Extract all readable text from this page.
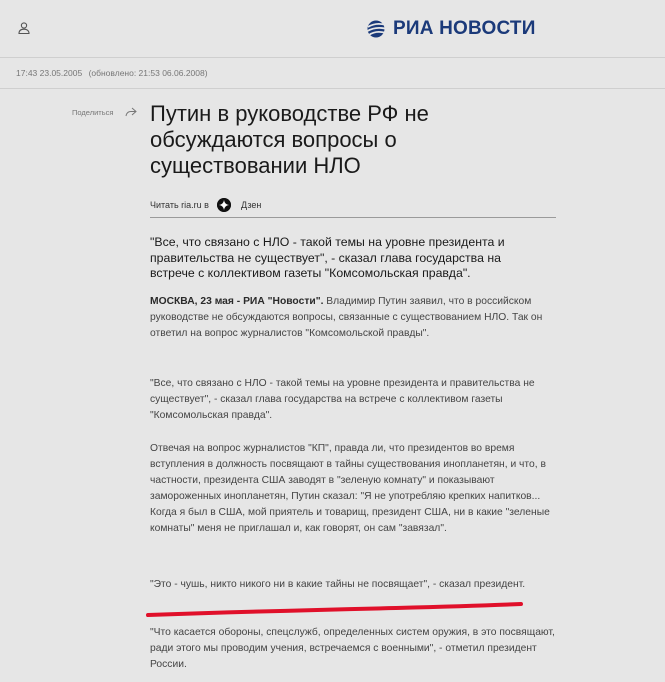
РИА НОВОСТИ
17:43 23.05.2005 (обновлено: 21:53 06.06.2008)
Поделиться Путин в руководстве РФ не обсуждаются вопросы о существовании НЛО
Читать ria.ru в	Дзен

"Все, что связано с НЛО - такой темы на уровне президента и правительства не существует", - сказал глава государства на встрече с коллективом газеты "Комсомольская правда".

МОСКВА, 23 мая - РИА "Новости". Владимир Путин заявил, что в российском руководстве не обсуждаются вопросы, связанные с существованием НЛО. Так он ответил на вопрос журналистов "Комсомольской правды".

"Все, что связано с НЛО - такой темы на уровне президента и правительства не существует", - сказал глава государства на встрече с коллективом газеты "Комсомольская правда".

Отвечая на вопрос журналистов "КП", правда ли, что президентов во время вступления в должность посвящают в тайны существования инопланетян, и что, в частности, президента США заводят в "зеленую комнату" и показывают замороженных инопланетян, Путин сказал: "Я не употребляю крепких напитков... Когда я был в США, мой приятель и товарищ, президент США, ни в какие "зеленые комнаты" меня не приглашал и, как говорят, он сам "завязал".

"Это - чушь, никто никого ни в какие тайны не посвящает", - сказал президент.

"Что касается обороны, спецслужб, определенных систем оружия, в это посвящают, ради этого мы проводим учения, встречаемся с военными", - отметил президент России.
